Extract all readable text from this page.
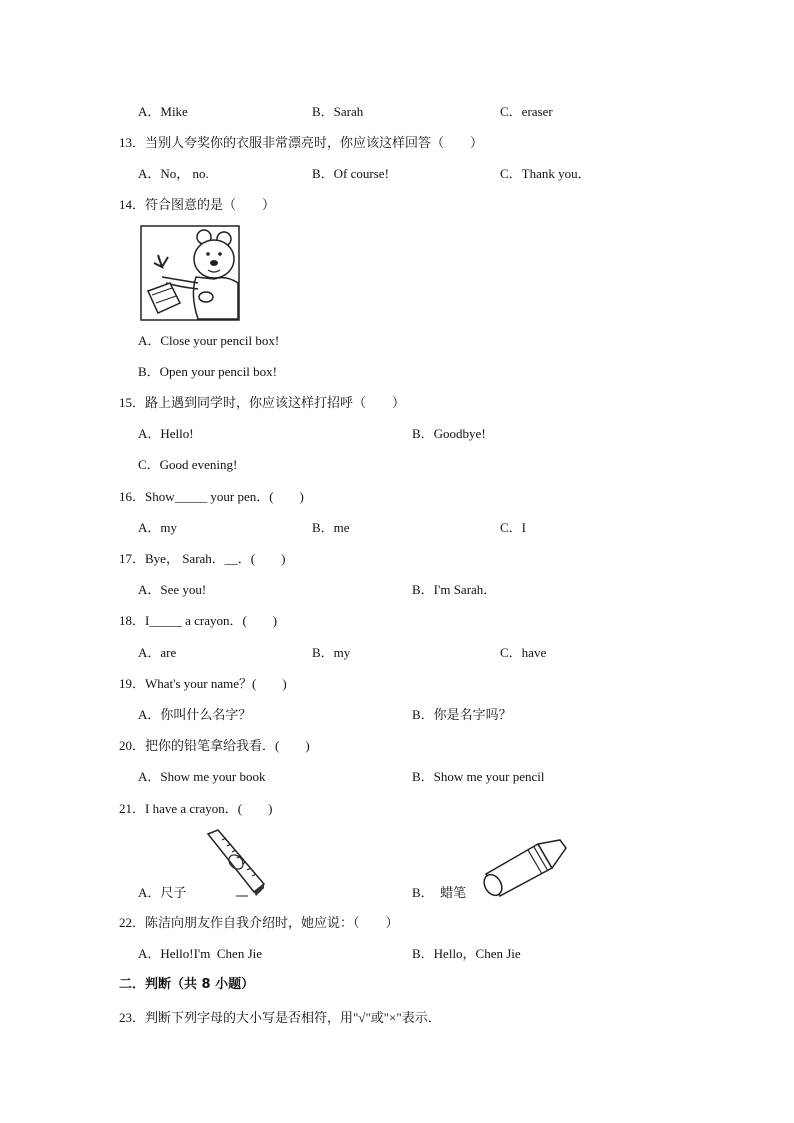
A．Mike

	B．Sarah

	C．eraser

13．当别人夸奖你的衣服非常漂亮时，你应该这样回答（　　）

A．No， no.

	B．Of course!

	C．Thank you．

14．符合图意的是（　　）

A．Close your pencil box!

B．Open your pencil box!

15．路上遇到同学时，你应该这样打招呼（　　）

A．Hello!

	B．Goodbye!

C．Good evening!

16．Show_____ your pen．(　　)

A．my

	B．me

	C．I

17．Bye， Sarah．__．(　　)

A．See you!

	B．I'm Sarah．

18．I_____ a crayon．(　　)

A．are

	B．my

	C．have

19．What's your name？(　　)

A．你叫什么名字？

	B．你是名字吗？

20．把你的铅笔拿给我看．(　　)

A．Show me your book

	B．Show me your pencil

21．I have a crayon．(　　)

A．尺子

	B．  蜡笔

22．陈洁向朋友作自我介绍时，她应说：（　　）

A．Hello!I'm  Chen Jie

	B．Hello，Chen Jie

二．判断（共 8 小题）

23．判断下列字母的大小写是否相符，用"√"或"×"表示．
